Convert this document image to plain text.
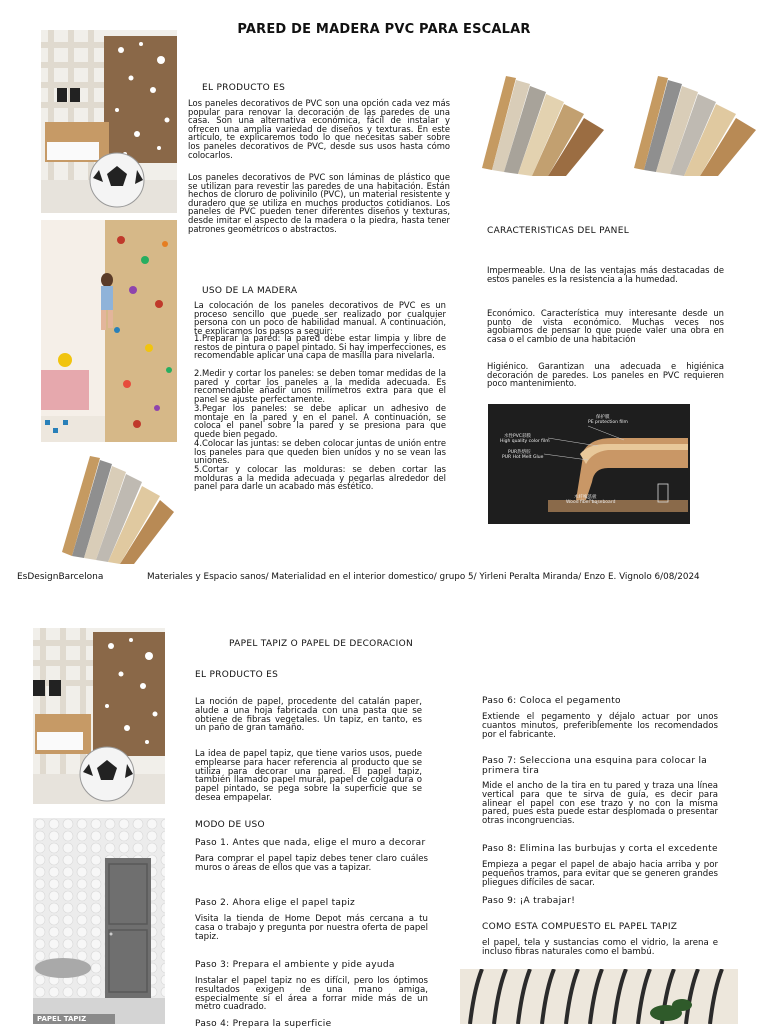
PARED DE MADERA PVC PARA ESCALAR
EL PRODUCTO ES
Los paneles decorativos de PVC son una opción cada vez más popular para renovar la decoración de las paredes de una casa. Son una alternativa económica, fácil de instalar y ofrecen una amplia variedad de diseños y texturas. En este artículo, te explicaremos todo lo que necesitas saber sobre los paneles decorativos de PVC, desde sus usos hasta cómo colocarlos.
Los paneles decorativos de PVC son láminas de plástico que se utilizan para revestir las paredes de una habitación. Están hechos de cloruro de polivinilo (PVC), un material resistente y duradero que se utiliza en muchos productos cotidianos. Los paneles de PVC pueden tener diferentes diseños y texturas, desde imitar el aspecto de la madera o la piedra, hasta tener patrones geométricos o abstractos.
USO DE LA MADERA
La colocación de los paneles decorativos de PVC es un proceso sencillo que puede ser realizado por cualquier persona con un poco de habilidad manual. A continuación, te explicamos los pasos a seguir:
1.Preparar la pared: la pared debe estar limpia y libre de restos de pintura o papel pintado. Si hay imperfecciones, es recomendable aplicar una capa de masilla para nivelarla.
2.Medir y cortar los paneles: se deben tomar medidas de la pared y cortar los paneles a la medida adecuada. Es recomendable añadir unos milímetros extra para que el panel se ajuste perfectamente.
3.Pegar los paneles: se debe aplicar un adhesivo de montaje en la pared y en el panel. A continuación, se coloca el panel sobre la pared y se presiona para que quede bien pegado.
4.Colocar las juntas: se deben colocar juntas de unión entre los paneles para que queden bien unidos y no se vean las uniones.
5.Cortar y colocar las molduras: se deben cortar las molduras a la medida adecuada y pegarlas alrededor del panel para darle un acabado más estético.
CARACTERISTICAS DEL PANEL
Impermeable. Una de las ventajas más destacadas de estos paneles es la resistencia a la humedad.
Económico. Característica muy interesante desde un punto de vista económico. Muchas veces nos agobiamos de pensar lo que puede valer una obra en casa o el cambio de una habitación
Higiénico. Garantizan una adecuada e higiénica decoración de paredes. Los paneles en PVC requieren poco mantenimiento.
保护膜
PE protection film
水性PVC彩膜
High quality color film
PUR热熔胶
PUR Hot Melt Glue
木纤维基板
Wood fiber baseboard
EsDesignBarcelona	Materiales y Espacio sanos/ Materialidad en el interior domestico/ grupo 5/ Yirleni Peralta Miranda/ Enzo E. Vignolo 6/08/2024
PAPEL TAPIZ
PAPEL TAPIZ O PAPEL DE DECORACION
EL PRODUCTO ES
La noción de papel, procedente del catalán paper, alude a una hoja fabricada con una pasta que se obtiene de fibras vegetales. Un tapiz, en tanto, es un paño de gran tamaño.
La idea de papel tapiz, que tiene varios usos, puede emplearse para hacer referencia al producto que se utiliza para decorar una pared. El papel tapiz, también llamado papel mural, papel de colgadura o papel pintado, se pega sobre la superficie que se desea empapelar.
MODO DE USO
Paso 1. Antes que nada, elige el muro a decorar
Para comprar el papel tapiz debes tener claro cuáles muros o áreas de ellos que vas a tapizar.
Paso 2. Ahora elige el papel tapiz
Visita la tienda de Home Depot más cercana a tu casa o trabajo y pregunta por nuestra oferta de papel tapiz.
Paso 3: Prepara el ambiente y pide ayuda
Instalar el papel tapiz no es difícil, pero los óptimos resultados exigen de una mano amiga, especialmente si el área a forrar mide más de un metro cuadrado.
Paso 4: Prepara la superficie
Paso 6: Coloca el pegamento
Extiende el pegamento y déjalo actuar por unos cuantos minutos, preferiblemente los recomendados por el fabricante.
Paso 7: Selecciona una esquina para colocar la primera tira
Mide el ancho de la tira en tu pared y traza una línea vertical para que te sirva de guía, es decir para alinear el papel con ese trazo y no con la misma pared, pues esta puede estar desplomada o presentar otras incongruencias.
Paso 8: Elimina las burbujas y corta el excedente
Empieza a pegar el papel de abajo hacia arriba y por pequeños tramos, para evitar que se generen grandes pliegues difíciles de sacar.
Paso 9: ¡A trabajar!
COMO ESTA COMPUESTO EL PAPEL TAPIZ
el papel, tela y sustancias como el vidrio, la arena e incluso fibras naturales como el bambú.
